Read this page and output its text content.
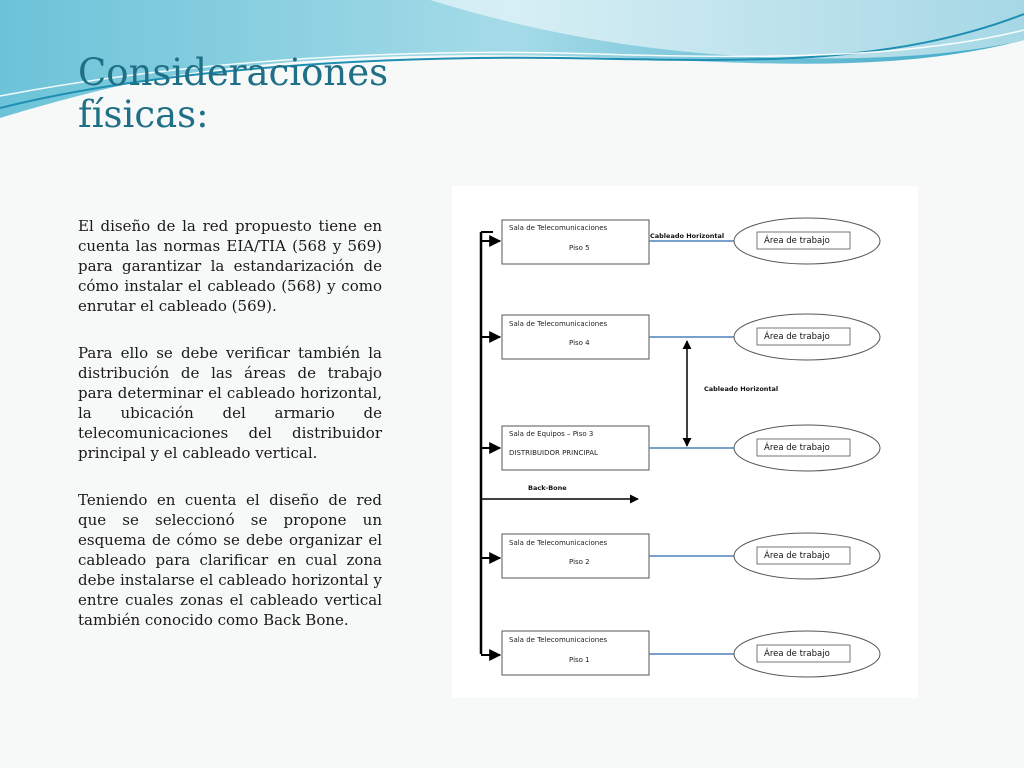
Consideraciones físicas:

El diseño de la red propuesto tiene en cuenta las normas EIA/TIA (568 y 569) para garantizar la estandarización de cómo instalar el cableado (568) y como enrutar el cableado (569).

Para ello se debe verificar también la distribución de las áreas de trabajo para determinar el cableado horizontal, la ubicación del armario de telecomunicaciones del distribuidor principal y el cableado vertical.

Teniendo en cuenta el diseño de red que se seleccionó se propone un esquema de cómo se debe organizar el cableado para clarificar en cual zona debe instalarse el cableado horizontal y entre cuales zonas el cableado vertical también conocido como Back Bone.

Back-Bone
Cableado Horizontal
Sala de Telecomunicaciones
Piso 5
Cableado Horizontal	Área de trabajo
Sala de Telecomunicaciones
Piso 4
Área de trabajo
Sala de Equipos – Piso 3
DISTRIBUIDOR PRINCIPAL	Área de trabajo
Sala de Telecomunicaciones
Piso 2
Área de trabajo
Sala de Telecomunicaciones
Piso 1
Área de trabajo
